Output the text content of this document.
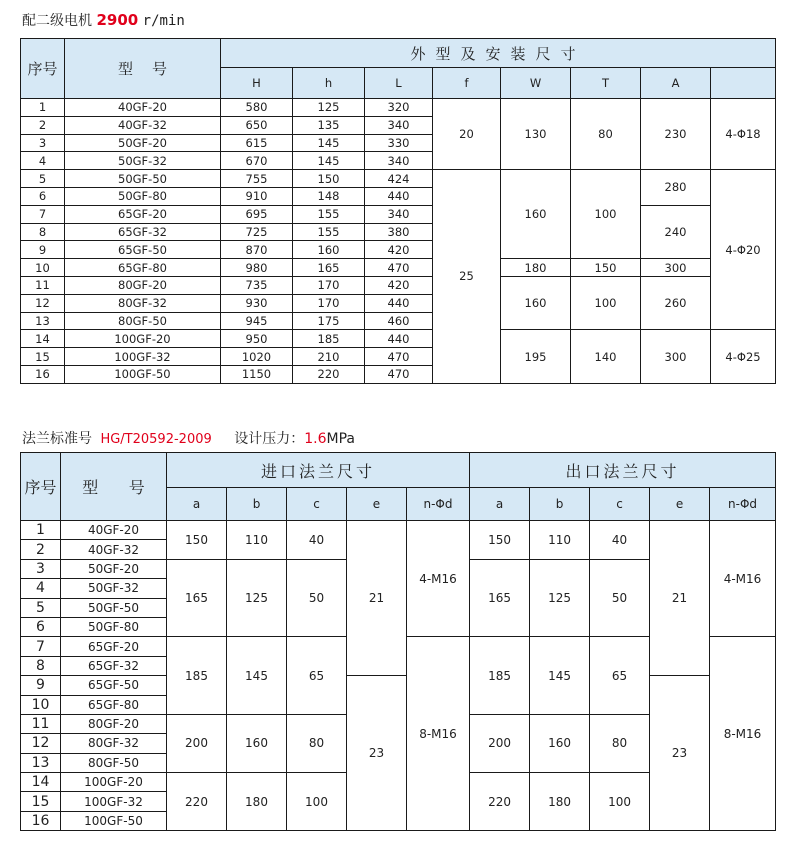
配二级电机 2900 r/min
序号	型    号	外型及安装尺寸							
		H	h	L	f	W	T	A	
1	40GF-20	580	125	320	20	130	80	230	4-Φ18
2	40GF-32	650	135	340					
3	50GF-20	615	145	330					
4	50GF-32	670	145	340					
5	50GF-50	755	150	424	25	160	100	280	4-Φ20
6	50GF-80	910	148	440					
7	65GF-20	695	155	340				240	
8	65GF-32	725	155	380					
9	65GF-50	870	160	420					
10	65GF-80	980	165	470		180	150	300	
11	80GF-20	735	170	420		160	100	260	
12	80GF-32	930	170	440					
13	80GF-50	945	175	460					
14	100GF-20	950	185	440		195	140	300	4-Φ25
15	100GF-32	1020	210	470					
16	100GF-50	1150	220	470					
法兰标准号 HG/T20592-2009 设计压力：1.6MPa
序号	型      号	进口法兰尺寸					出口法兰尺寸				
		a	b	c	e	n-Φd	a	b	c	e	n-Φd
1	40GF-20	150	110	40	21	4-M16	150	110	40	21	4-M16
2	40GF-32										
3	50GF-20	165	125	50			165	125	50		
4	50GF-32										
5	50GF-50										
6	50GF-80										
7	65GF-20	185	145	65		8-M16	185	145	65		8-M16
8	65GF-32										
9	65GF-50				23					23	
10	65GF-80										
11	80GF-20	200	160	80			200	160	80		
12	80GF-32										
13	80GF-50										
14	100GF-20	220	180	100			220	180	100		
15	100GF-32										
16	100GF-50										
